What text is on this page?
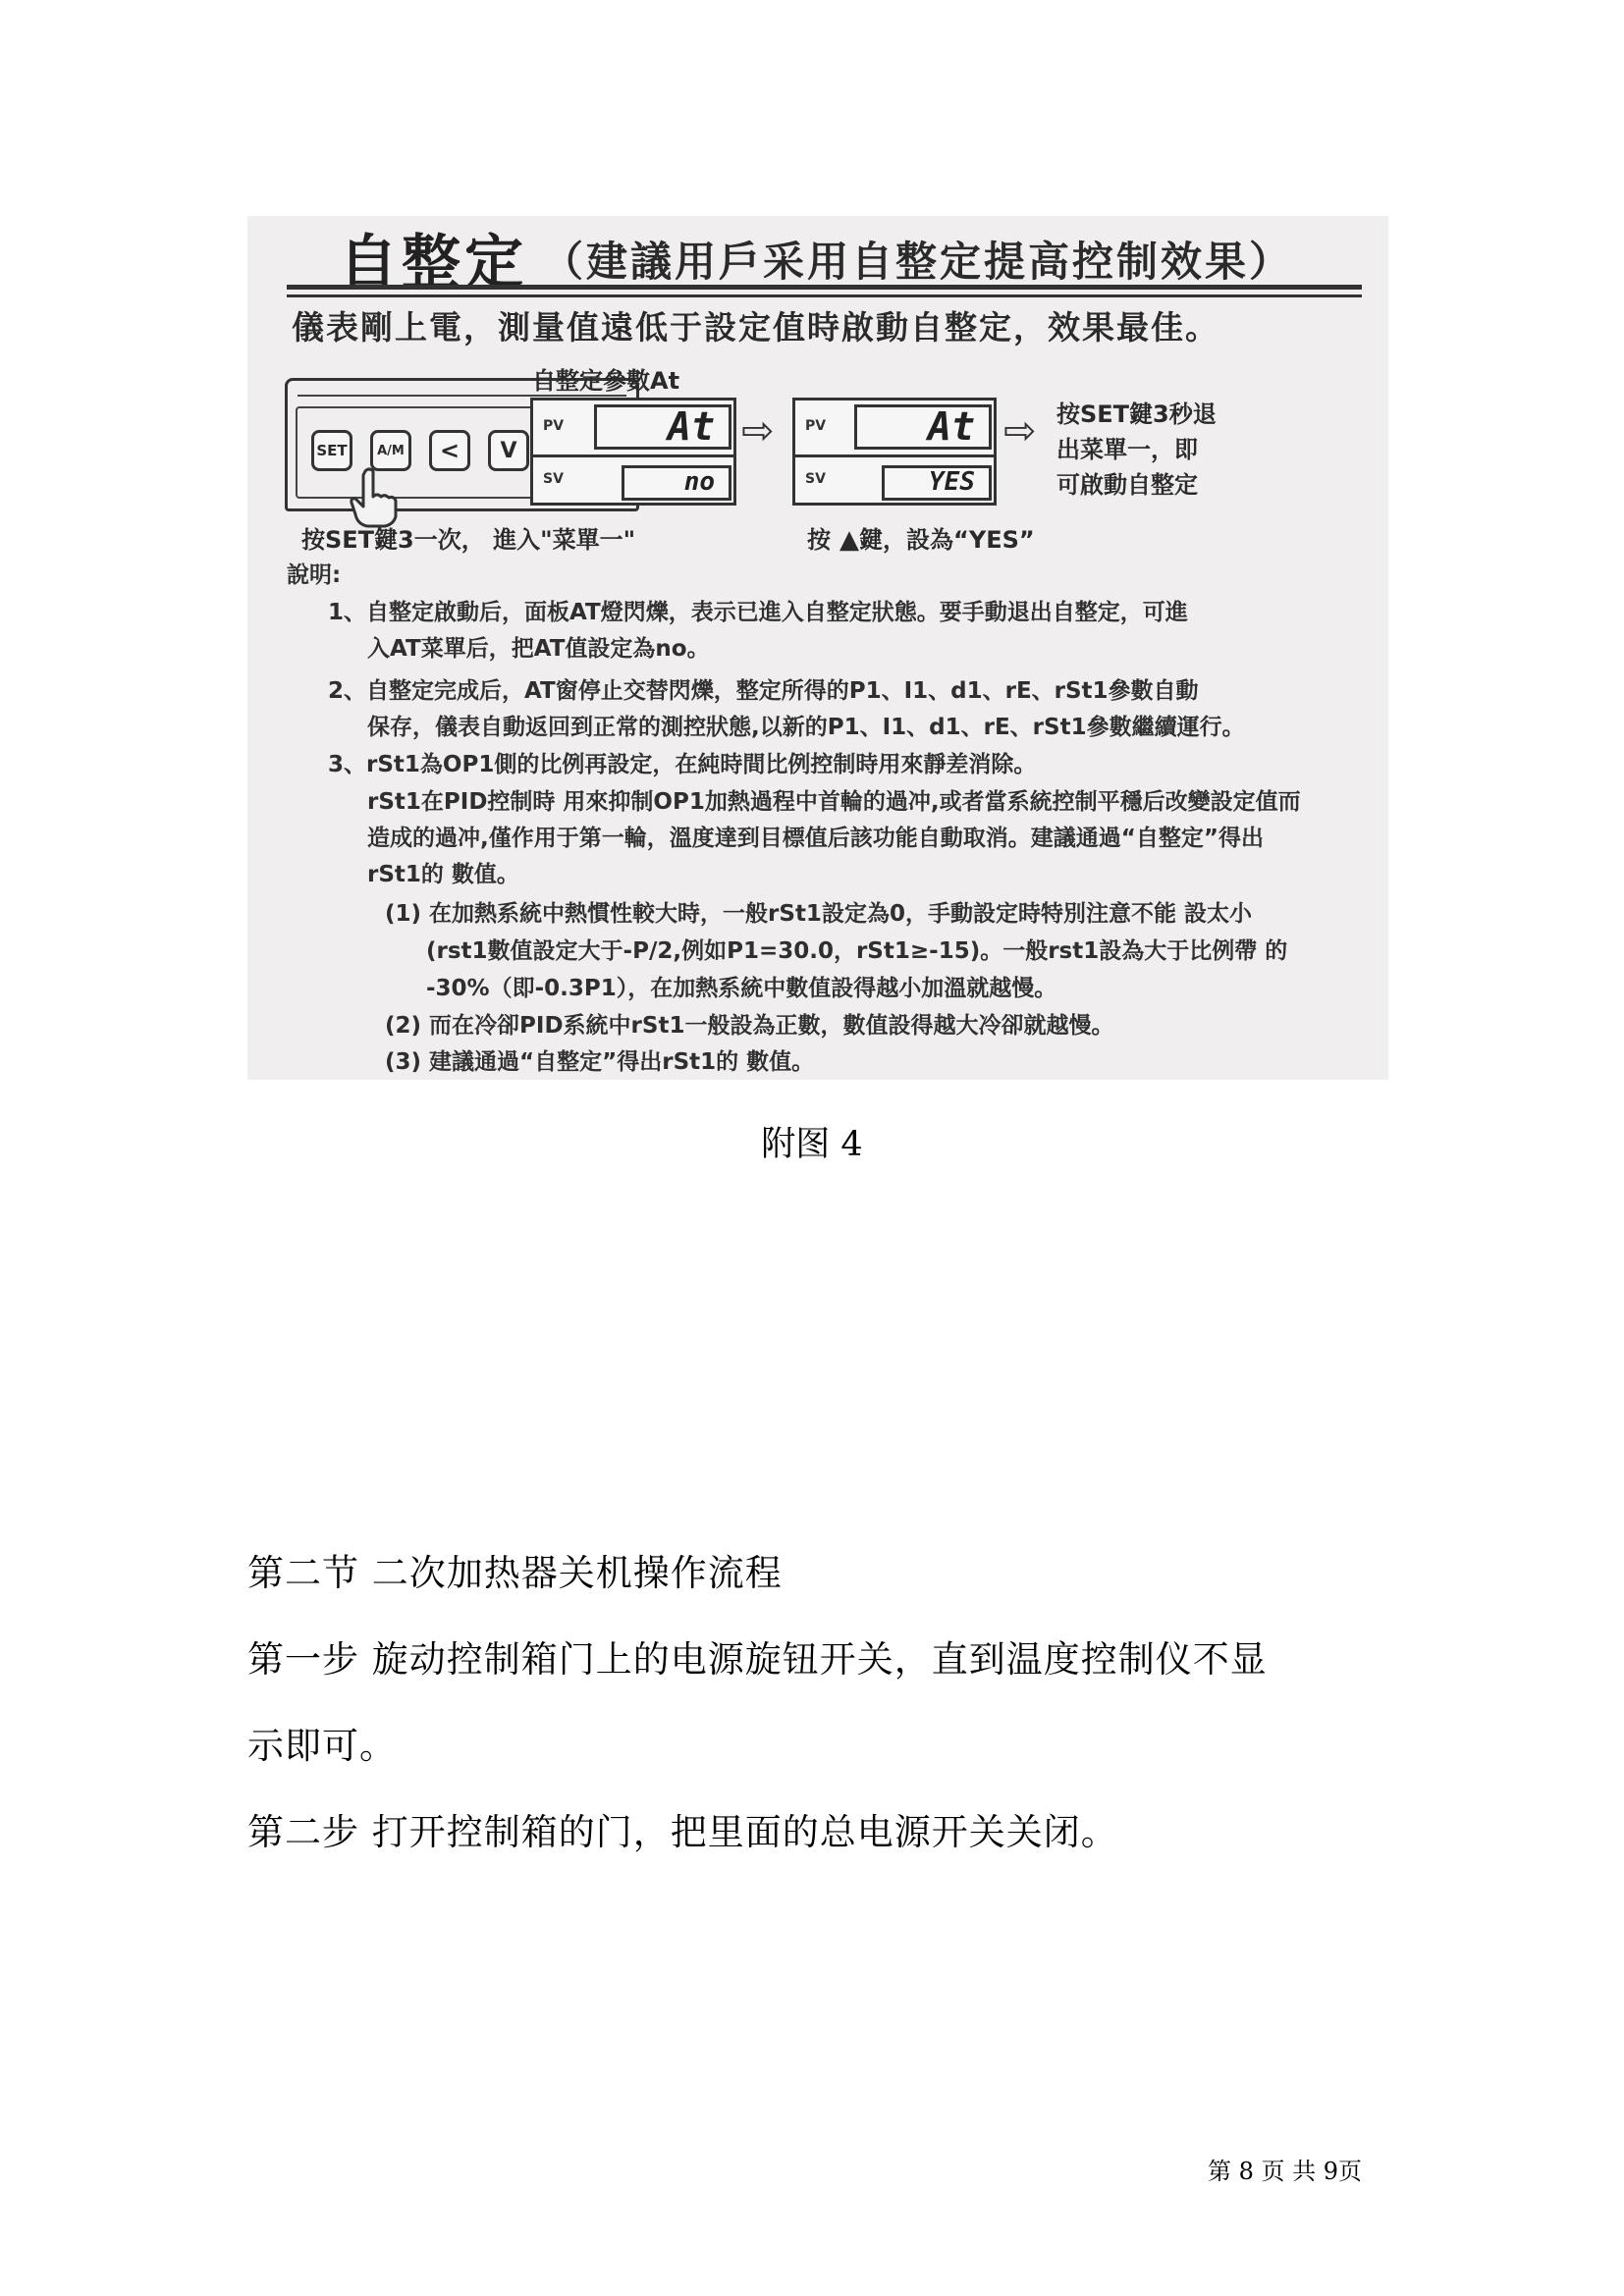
自整定 （建議用戶采用自整定提高控制效果）
儀表剛上電，測量值遠低于設定值時啟動自整定，效果最佳。
SET	A/M	<	V
自整定參數At
PV
SV
At
no
⇨ PV
SV
At
YES
⇨ 按SET鍵3秒退
出菜單一，即
可啟動自整定
按SET鍵3一次， 進入"菜單一"	按 ▲鍵，設為“YES”
說明:
1、自整定啟動后，面板AT燈閃爍，表示已進入自整定狀態。要手動退出自整定，可進
入AT菜單后，把AT值設定為no。
2、自整定完成后，AT窗停止交替閃爍，整定所得的P1、I1、d1、rE、rSt1參數自動
保存，儀表自動返回到正常的測控狀態,以新的P1、I1、d1、rE、rSt1參數繼續運行。
3、rSt1為OP1側的比例再設定，在純時間比例控制時用來靜差消除。
rSt1在PID控制時 用來抑制OP1加熱過程中首輪的過冲,或者當系統控制平穩后改變設定值而
造成的過冲,僅作用于第一輪，溫度達到目標值后該功能自動取消。建議通過“自整定”得出
rSt1的 數值。
(1) 在加熱系統中熱慣性較大時，一般rSt1設定為0，手動設定時特別注意不能 設太小
(rst1數值設定大于-P/2,例如P1=30.0，rSt1≥-15)。一般rst1設為大于比例帶 的
-30%（即-0.3P1），在加熱系統中數值設得越小加溫就越慢。
(2) 而在冷卻PID系統中rSt1一般設為正數，數值設得越大冷卻就越慢。
(3) 建議通過“自整定”得出rSt1的 數值。
附图 4
第二节 二次加热器关机操作流程
第一步 旋动控制箱门上的电源旋钮开关，直到温度控制仪不显
示即可。
第二步 打开控制箱的门，把里面的总电源开关关闭。
第 8 页 共 9页
